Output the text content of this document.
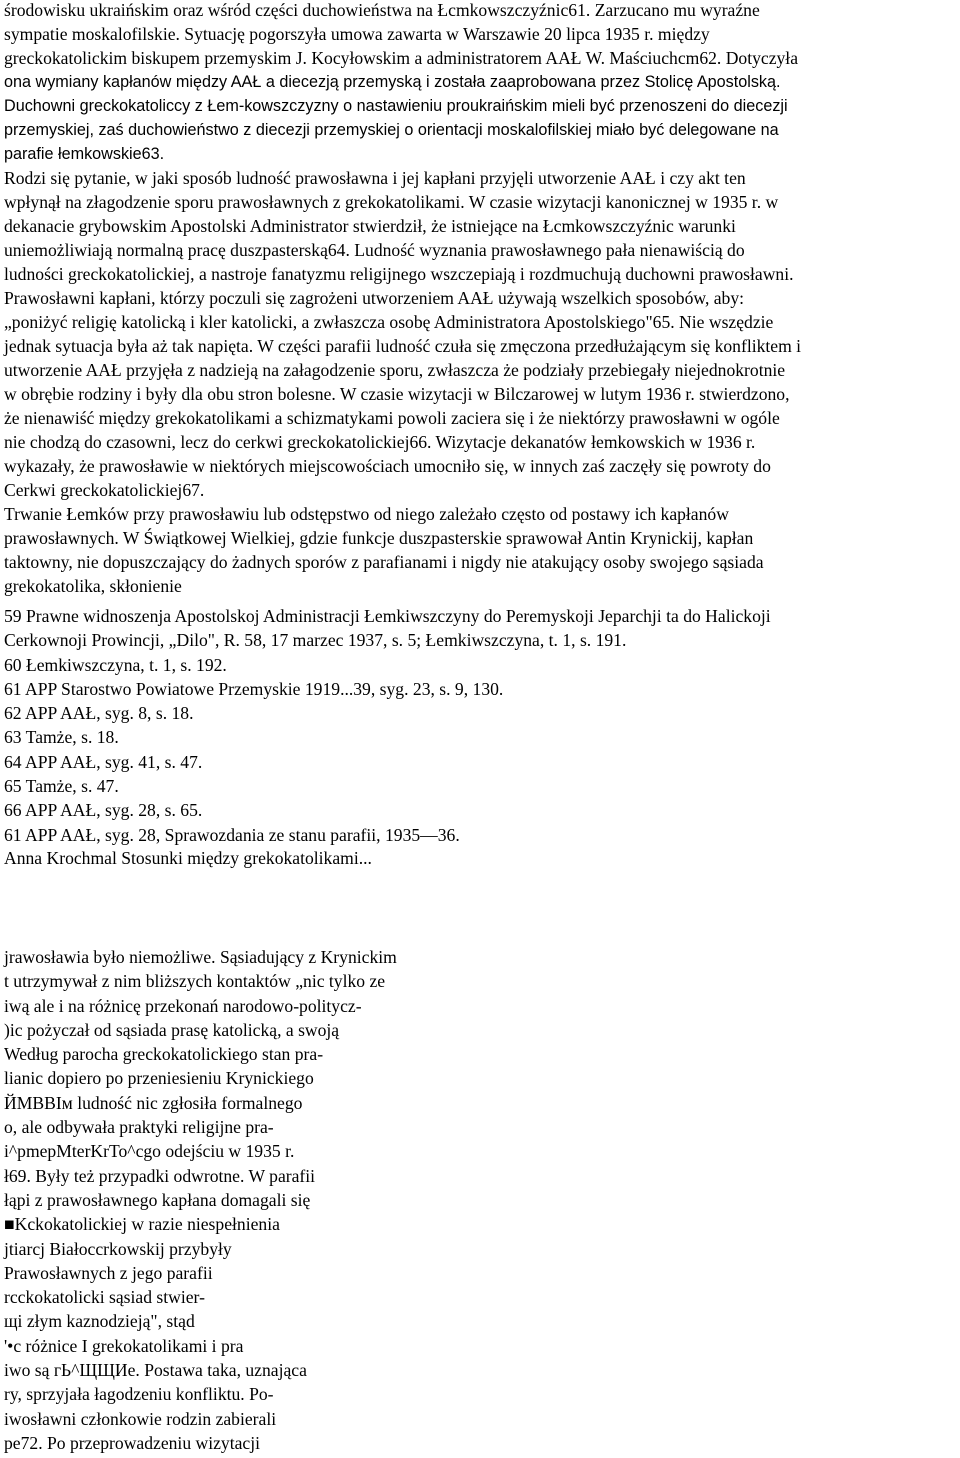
środowisku ukraińskim oraz wśród części duchowieństwa na Łcmkowszczyźnic61. Zarzucano mu wyraźne
sympatie moskalofilskie. Sytuację pogorszyła umowa zawarta w Warszawie 20 lipca 1935 r. między
greckokatolickim biskupem przemyskim J. Kocyłowskim a administratorem AAŁ W. Maściuchcm62. Dotyczyła
ona wymiany kapłanów między AAŁ a diecezją przemyską i została zaaprobowana przez Stolicę Apostolską.
Duchowni greckokatoliccy z Łem-kowszczyzny o nastawieniu proukraińskim mieli być przenoszeni do diecezji
przemyskiej, zaś duchowieństwo z diecezji przemyskiej o orientacji moskalofilskiej miało być delegowane na
parafie łemkowskie63.
Rodzi się pytanie, w jaki sposób ludność prawosławna i jej kapłani przyjęli utworzenie AAŁ i czy akt ten
wpłynął na złagodzenie sporu prawosławnych z grekokatolikami. W czasie wizytacji kanonicznej w 1935 r. w
dekanacie grybowskim Apostolski Administrator stwierdził, że istniejące na Łcmkowszczyźnic warunki
uniemożliwiają normalną pracę duszpasterską64. Ludność wyznania prawosławnego pała nienawiścią do
ludności greckokatolickiej, a nastroje fanatyzmu religijnego wszczepiają i rozdmuchują duchowni prawosławni.
Prawosławni kapłani, którzy poczuli się zagrożeni utworzeniem AAŁ używają wszelkich sposobów, aby:
„poniżyć religię katolicką i kler katolicki, a zwłaszcza osobę Administratora Apostolskiego"65. Nie wszędzie
jednak sytuacja była aż tak napięta. W części parafii ludność czuła się zmęczona przedłużającym się konfliktem i
utworzenie AAŁ przyjęła z nadzieją na załagodzenie sporu, zwłaszcza że podziały przebiegały niejednokrotnie
w obrębie rodziny i były dla obu stron bolesne. W czasie wizytacji w Bilczarowej w lutym 1936 r. stwierdzono,
że nienawiść między grekokatolikami a schizmatykami powoli zaciera się i że niektórzy prawosławni w ogóle
nie chodzą do czasowni, lecz do cerkwi greckokatolickiej66. Wizytacje dekanatów łemkowskich w 1936 r.
wykazały, że prawosławie w niektórych miejscowościach umocniło się, w innych zaś zaczęły się powroty do
Cerkwi greckokatolickiej67.
Trwanie Łemków przy prawosławiu lub odstępstwo od niego zależało często od postawy ich kapłanów
prawosławnych. W Świątkowej Wielkiej, gdzie funkcje duszpasterskie sprawował Antin Krynickij, kapłan
taktowny, nie dopuszczający do żadnych sporów z parafianami i nigdy nie atakujący osoby swojego sąsiada
grekokatolika, skłonienie
59 Prawne widnoszenja Apostolskoj Administracji Łemkiwszczyny do Peremyskoji Jeparchji ta do Halickoji
Cerkownoji Prowincji, „Dilo", R. 58, 17 marzec 1937, s. 5; Łemkiwszczyna, t. 1, s. 191.
60 Łemkiwszczyna, t. 1, s. 192.
61 APP Starostwo Powiatowe Przemyskie 1919...39, syg. 23, s. 9, 130.
62 APP AAŁ, syg. 8, s. 18.
63 Tamże, s. 18.
64 APP AAŁ, syg. 41, s. 47.
65 Tamże, s. 47.
66 APP AAŁ, syg. 28, s. 65.
61 APP AAŁ, syg. 28, Sprawozdania ze stanu parafii, 1935—36.
Anna Krochmal Stosunki między grekokatolikami...
jrawosławia było niemożliwe. Sąsiadujący z Krynickim
t utrzymywał z nim bliższych kontaktów „nic tylko ze
iwą ale i na różnicę przekonań narodowo-politycz-
)ic pożyczał od sąsiada prasę katolicką, a swoją
Według parocha greckokatolickiego stan pra-
lianic dopiero po przeniesieniu Krynickiego
ЙMBBIм ludność nic zgłosiła formalnego
o, ale odbywała praktyki religijne pra-
i^pmepMterKrTo^cgo odejściu w 1935 r.
ł69. Były też przypadki odwrotne. W parafii
łąpi z prawosławnego kapłana domagali się
■Kckokatolickiej w razie niespełnienia
jtiarcj Białoccrkowskij przybyły
Prawosławnych z jego parafii
rcckokatolicki sąsiad stwier-
щі złym kaznodzieją", stąd
'•c różnice I grekokatolikami i pra
iwo są гЬ^ЩЩИе. Postawa taka, uznająca
ry, sprzyjała łagodzeniu konfliktu. Po-
iwosławni członkowie rodzin zabierali
pe72. Po przeprowadzeniu wizytacji
